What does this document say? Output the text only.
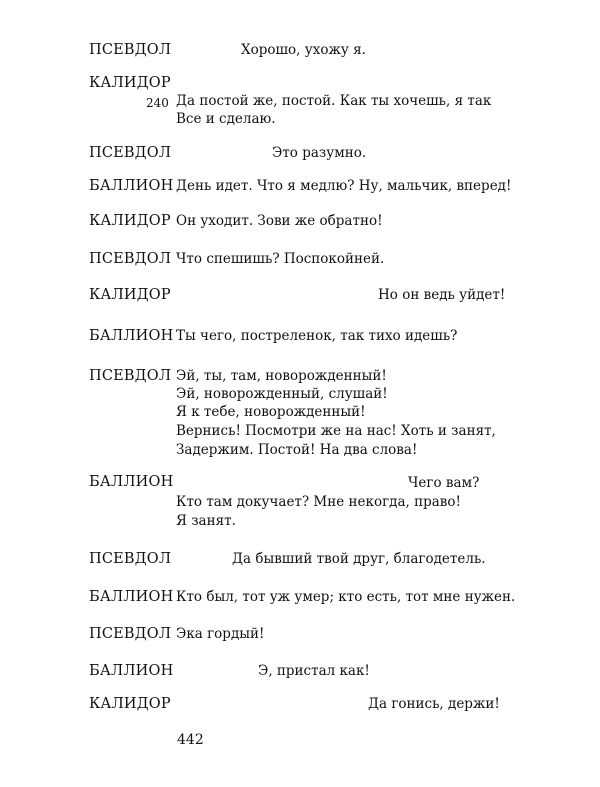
ПСЕВДОЛ	Хорошо, ухожу я.
КАЛИДОР
240 Да постой же, постой. Как ты хочешь, я так
Все и сделаю.
ПСЕВДОЛ	Это разумно.
БАЛЛИОН День идет. Что я медлю? Ну, мальчик, вперед!
КАЛИДОР Он уходит. Зови же обратно!
ПСЕВДОЛ Что спешишь? Поспокойней.
КАЛИДОР	Но он ведь уйдет!
БАЛЛИОН Ты чего, постреленок, так тихо идешь?
ПСЕВДОЛ Эй, ты, там, новорожденный!
Эй, новорожденный, слушай!
Я к тебе, новорожденный!
Вернись! Посмотри же на нас! Хоть и занят,
Задержим. Постой! На два слова!
БАЛЛИОН	Чего вам?
Кто там докучает? Мне некогда, право!
Я занят.
ПСЕВДОЛ	Да бывший твой друг, благодетель.
БАЛЛИОН Кто был, тот уж умер; кто есть, тот мне нужен.
ПСЕВДОЛ Эка гордый!
БАЛЛИОН	Э, пристал как!
КАЛИДОР	Да гонись, держи!
442
